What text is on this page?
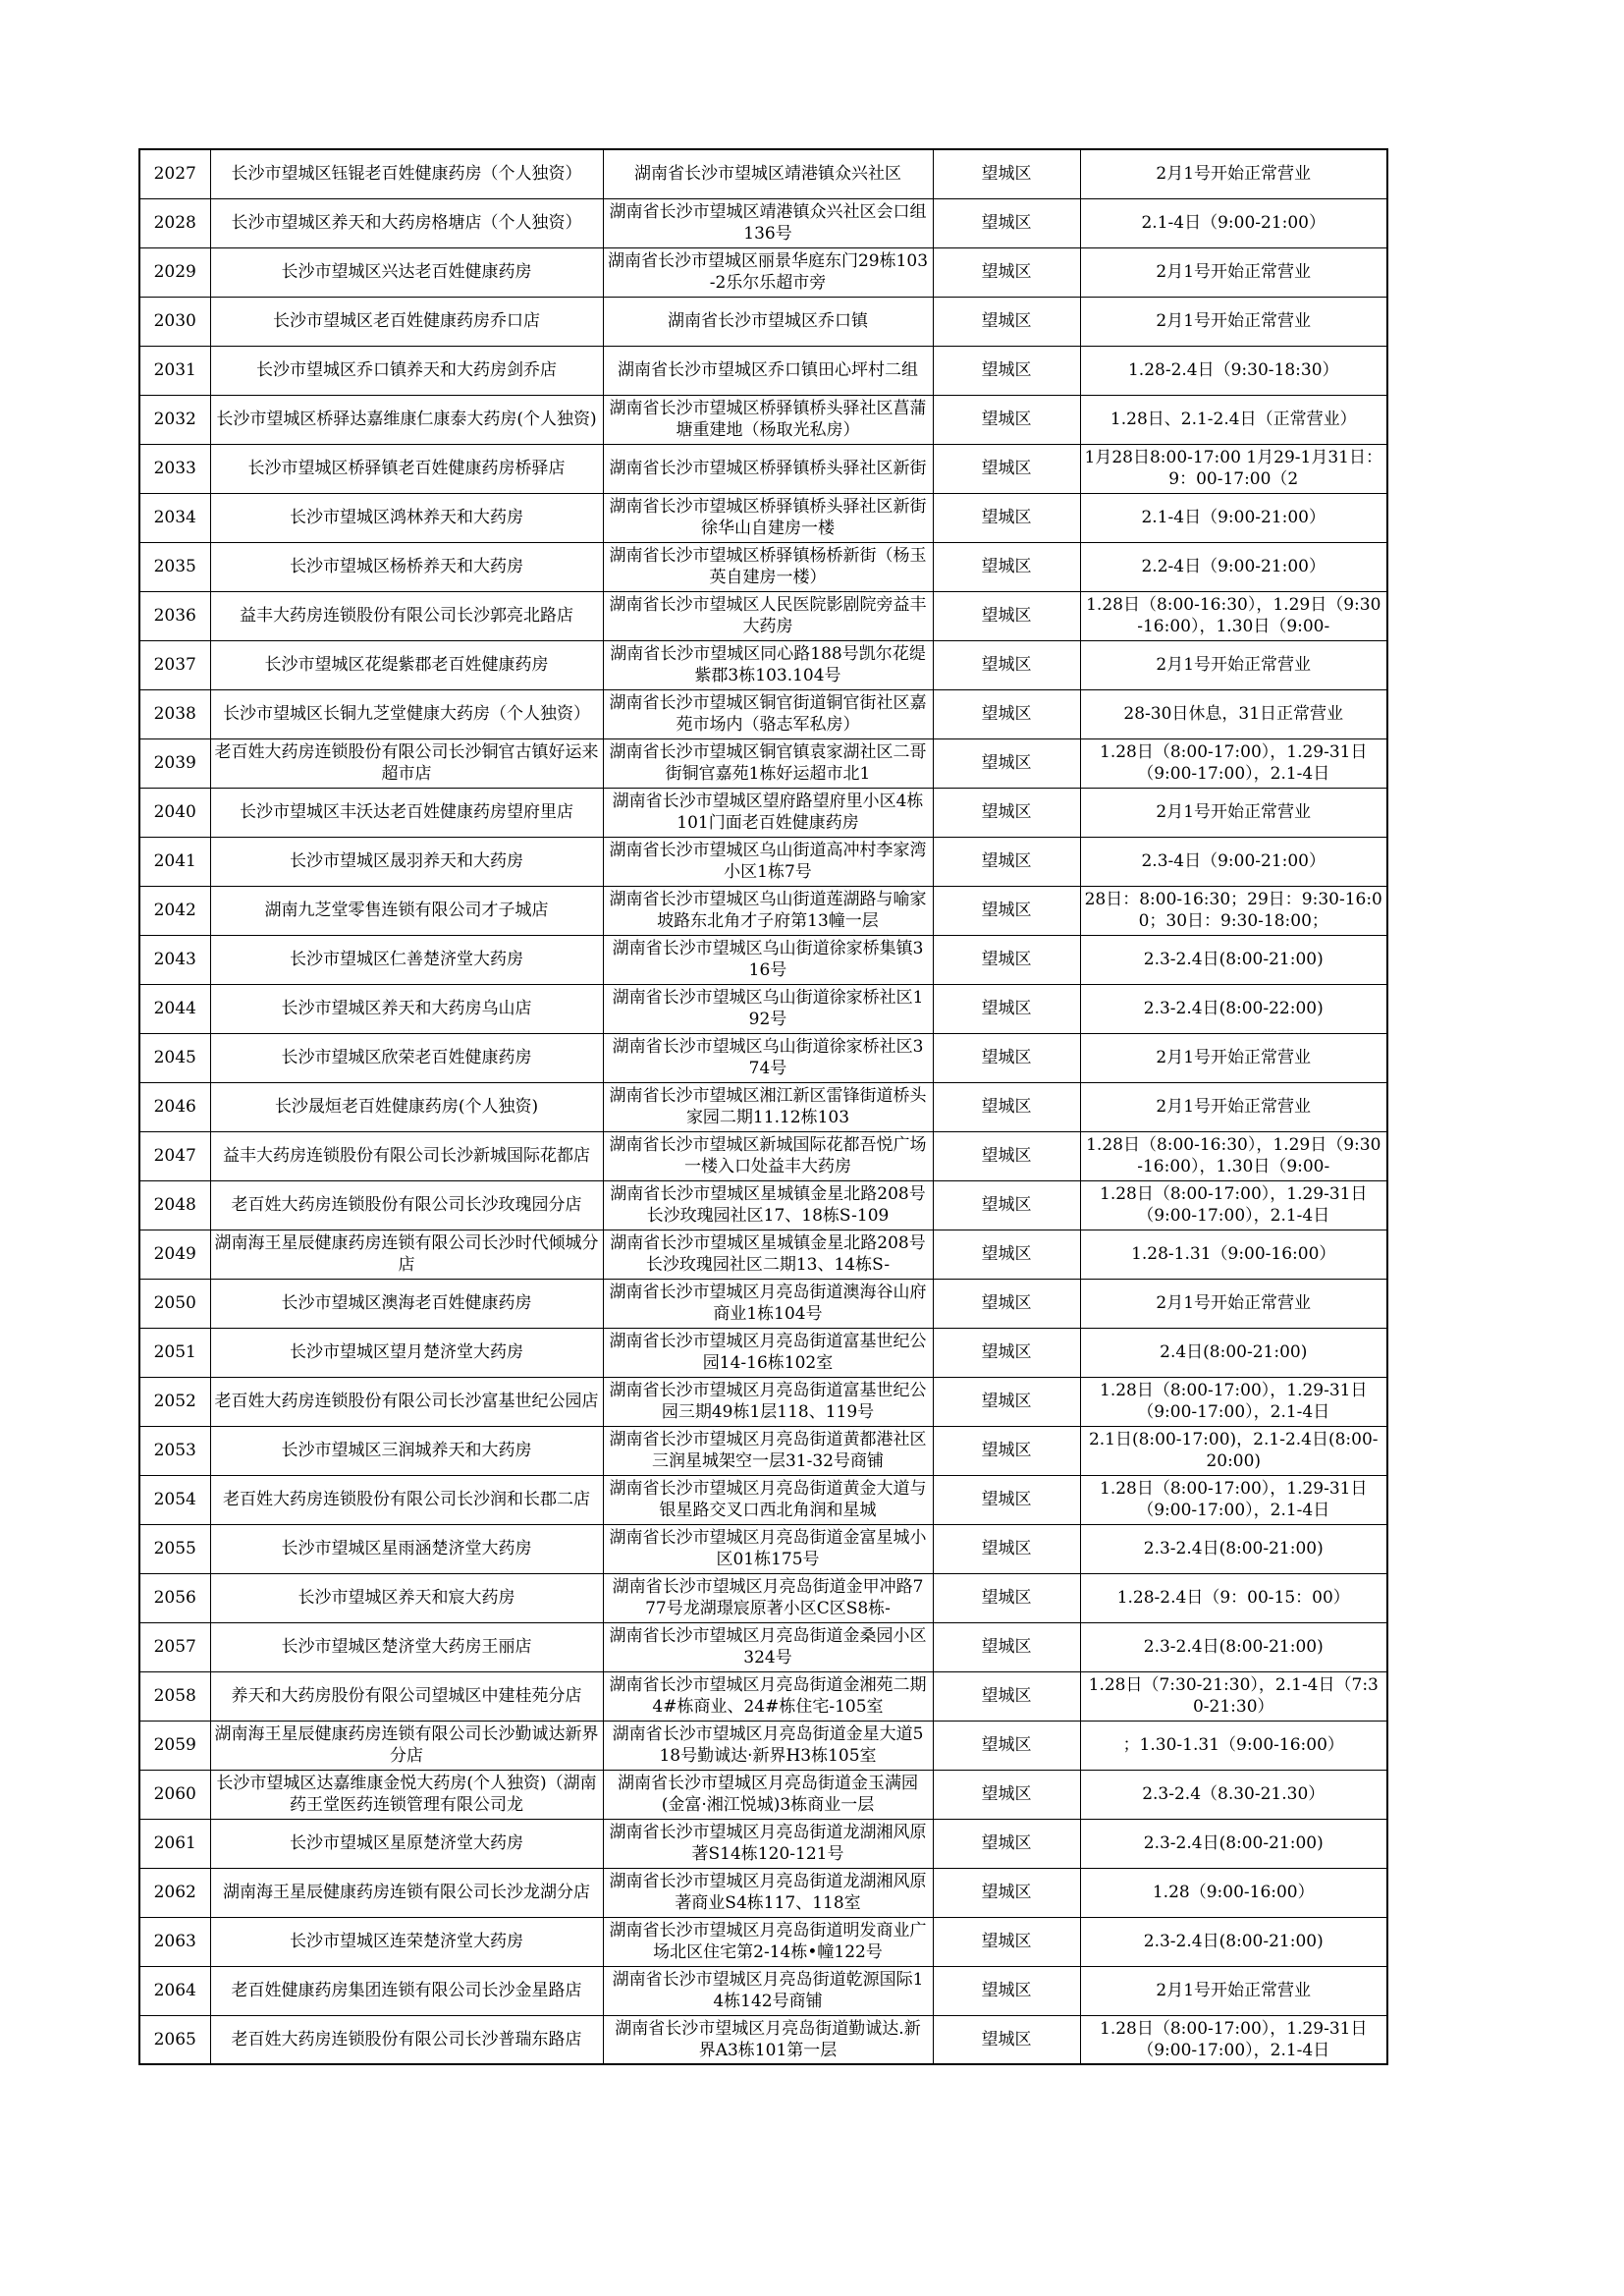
2027	长沙市望城区钰锟老百姓健康药房（个人独资）	湖南省长沙市望城区靖港镇众兴社区	望城区	2月1号开始正常营业

2028	长沙市望城区养天和大药房格塘店（个人独资）	湖南省长沙市望城区靖港镇众兴社区会口组136号	望城区	2.1-4日（9:00-21:00）

2029	长沙市望城区兴达老百姓健康药房	湖南省长沙市望城区丽景华庭东门29栋103-2乐尔乐超市旁	望城区	2月1号开始正常营业

2030	长沙市望城区老百姓健康药房乔口店	湖南省长沙市望城区乔口镇	望城区	2月1号开始正常营业

2031	长沙市望城区乔口镇养天和大药房剑乔店	湖南省长沙市望城区乔口镇田心坪村二组	望城区	1.28-2.4日（9:30-18:30）

2032	长沙市望城区桥驿达嘉维康仁康泰大药房(个人独资)	湖南省长沙市望城区桥驿镇桥头驿社区菖蒲塘重建地（杨取光私房）	望城区	1.28日、2.1-2.4日（正常营业）

2033	长沙市望城区桥驿镇老百姓健康药房桥驿店	湖南省长沙市望城区桥驿镇桥头驿社区新街	望城区	1月28日8:00-17:00 1月29-1月31日：9：00-17:00（2

2034	长沙市望城区鸿林养天和大药房	湖南省长沙市望城区桥驿镇桥头驿社区新街徐华山自建房一楼	望城区	2.1-4日（9:00-21:00）

2035	长沙市望城区杨桥养天和大药房	湖南省长沙市望城区桥驿镇杨桥新街（杨玉英自建房一楼）	望城区	2.2-4日（9:00-21:00）

2036	益丰大药房连锁股份有限公司长沙郭亮北路店	湖南省长沙市望城区人民医院影剧院旁益丰大药房	望城区	1.28日（8:00-16:30），1.29日（9:30-16:00），1.30日（9:00-

2037	长沙市望城区花缇紫郡老百姓健康药房	湖南省长沙市望城区同心路188号凯尔花缇紫郡3栋103.104号	望城区	2月1号开始正常营业

2038	长沙市望城区长铜九芝堂健康大药房（个人独资）	湖南省长沙市望城区铜官街道铜官街社区嘉苑市场内（骆志军私房）	望城区	28-30日休息，31日正常营业

2039	老百姓大药房连锁股份有限公司长沙铜官古镇好运来超市店	湖南省长沙市望城区铜官镇袁家湖社区二哥街铜官嘉苑1栋好运超市北1	望城区	1.28日（8:00-17:00），1.29-31日（9:00-17:00），2.1-4日

2040	长沙市望城区丰沃达老百姓健康药房望府里店	湖南省长沙市望城区望府路望府里小区4栋101门面老百姓健康药房	望城区	2月1号开始正常营业

2041	长沙市望城区晟羽养天和大药房	湖南省长沙市望城区乌山街道高冲村李家湾小区1栋7号	望城区	2.3-4日（9:00-21:00）

2042	湖南九芝堂零售连锁有限公司才子城店	湖南省长沙市望城区乌山街道莲湖路与喻家坡路东北角才子府第13幢一层	望城区	28日：8:00-16:30；29日：9:30-16:00；30日：9:30-18:00；

2043	长沙市望城区仁善楚济堂大药房	湖南省长沙市望城区乌山街道徐家桥集镇316号	望城区	2.3-2.4日(8:00-21:00)

2044	长沙市望城区养天和大药房乌山店	湖南省长沙市望城区乌山街道徐家桥社区192号	望城区	2.3-2.4日(8:00-22:00)

2045	长沙市望城区欣荣老百姓健康药房	湖南省长沙市望城区乌山街道徐家桥社区374号	望城区	2月1号开始正常营业

2046	长沙晟烜老百姓健康药房(个人独资)	湖南省长沙市望城区湘江新区雷锋街道桥头家园二期11.12栋103	望城区	2月1号开始正常营业

2047	益丰大药房连锁股份有限公司长沙新城国际花都店	湖南省长沙市望城区新城国际花都吾悦广场一楼入口处益丰大药房	望城区	1.28日（8:00-16:30），1.29日（9:30-16:00），1.30日（9:00-

2048	老百姓大药房连锁股份有限公司长沙玫瑰园分店	湖南省长沙市望城区星城镇金星北路208号长沙玫瑰园社区17、18栋S-109	望城区	1.28日（8:00-17:00），1.29-31日（9:00-17:00），2.1-4日

2049	湖南海王星辰健康药房连锁有限公司长沙时代倾城分店	湖南省长沙市望城区星城镇金星北路208号长沙玫瑰园社区二期13、14栋S-	望城区	1.28-1.31（9:00-16:00）

2050	长沙市望城区澳海老百姓健康药房	湖南省长沙市望城区月亮岛街道澳海谷山府商业1栋104号	望城区	2月1号开始正常营业

2051	长沙市望城区望月楚济堂大药房	湖南省长沙市望城区月亮岛街道富基世纪公园14-16栋102室	望城区	2.4日(8:00-21:00)

2052	老百姓大药房连锁股份有限公司长沙富基世纪公园店	湖南省长沙市望城区月亮岛街道富基世纪公园三期49栋1层118、119号	望城区	1.28日（8:00-17:00），1.29-31日（9:00-17:00），2.1-4日

2053	长沙市望城区三润城养天和大药房	湖南省长沙市望城区月亮岛街道黄都港社区三润星城架空一层31-32号商铺	望城区	2.1日(8:00-17:00)，2.1-2.4日(8:00-20:00)

2054	老百姓大药房连锁股份有限公司长沙润和长郡二店	湖南省长沙市望城区月亮岛街道黄金大道与银星路交叉口西北角润和星城	望城区	1.28日（8:00-17:00），1.29-31日（9:00-17:00），2.1-4日

2055	长沙市望城区星雨涵楚济堂大药房	湖南省长沙市望城区月亮岛街道金富星城小区01栋175号	望城区	2.3-2.4日(8:00-21:00)

2056	长沙市望城区养天和宸大药房	湖南省长沙市望城区月亮岛街道金甲冲路777号龙湖璟宸原著小区C区S8栋-	望城区	1.28-2.4日（9：00-15：00）

2057	长沙市望城区楚济堂大药房王丽店	湖南省长沙市望城区月亮岛街道金桑园小区324号	望城区	2.3-2.4日(8:00-21:00)

2058	养天和大药房股份有限公司望城区中建桂苑分店	湖南省长沙市望城区月亮岛街道金湘苑二期4#栋商业、24#栋住宅-105室	望城区	1.28日（7:30-21:30），2.1-4日（7:30-21:30）

2059	湖南海王星辰健康药房连锁有限公司长沙勤诚达新界分店	湖南省长沙市望城区月亮岛街道金星大道518号勤诚达·新界H3栋105室	望城区	；1.30-1.31（9:00-16:00）

2060	长沙市望城区达嘉维康金悦大药房(个人独资)（湖南药王堂医药连锁管理有限公司龙	湖南省长沙市望城区月亮岛街道金玉满园(金富·湘江悦城)3栋商业一层	望城区	2.3-2.4（8.30-21.30）

2061	长沙市望城区星原楚济堂大药房	湖南省长沙市望城区月亮岛街道龙湖湘风原著S14栋120-121号	望城区	2.3-2.4日(8:00-21:00)

2062	湖南海王星辰健康药房连锁有限公司长沙龙湖分店	湖南省长沙市望城区月亮岛街道龙湖湘风原著商业S4栋117、118室	望城区	1.28（9:00-16:00）

2063	长沙市望城区连荣楚济堂大药房	湖南省长沙市望城区月亮岛街道明发商业广场北区住宅第2-14栋•幢122号	望城区	2.3-2.4日(8:00-21:00)

2064	老百姓健康药房集团连锁有限公司长沙金星路店	湖南省长沙市望城区月亮岛街道乾源国际14栋142号商铺	望城区	2月1号开始正常营业

2065	老百姓大药房连锁股份有限公司长沙普瑞东路店	湖南省长沙市望城区月亮岛街道勤诚达.新界A3栋101第一层	望城区	1.28日（8:00-17:00），1.29-31日（9:00-17:00），2.1-4日
